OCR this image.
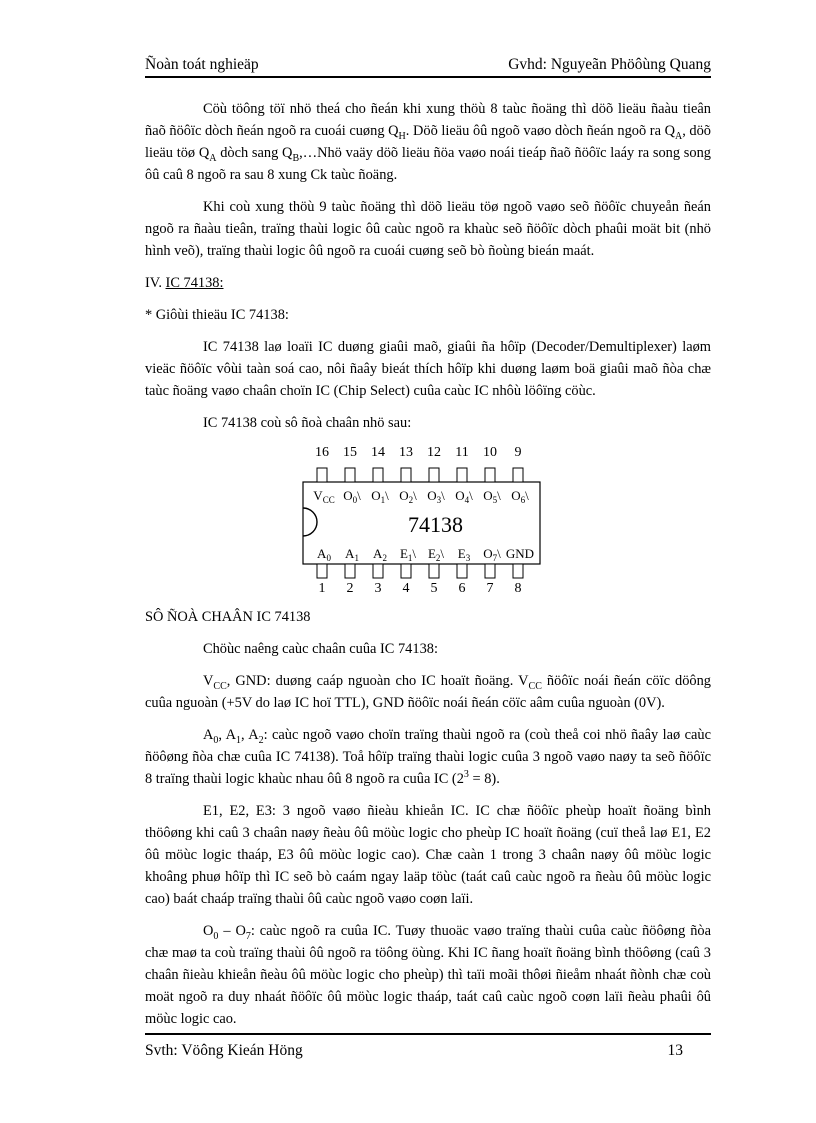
Ñoàn toát nghieäp	Gvhd: Nguyeãn Phöôùng Quang

Cöù töông töï nhö theá cho ñeán khi xung thöù 8 taùc ñoäng thì döõ lieäu ñaàu tieân ñaõ ñöôïc dòch ñeán ngoõ ra cuoái cuøng $Q_H$. Döõ lieäu ôû ngoõ vaøo dòch ñeán ngoõ ra $Q_A$, döõ lieäu töø $Q_A$ dòch sang $Q_B,\dots Nhö$ vaäy döõ lieäu ñöa vaøo noái tieáp ñaõ ñöôïc laáy ra song song ôû caû 8 ngoõ ra sau 8 xung Ck taùc ñoäng.

Khi coù xung thöù 9 taùc ñoäng thì döõ lieäu töø ngoõ vaøo seõ ñöôïc chuyeån ñeán ngoõ ra ñaàu tieân, traïng thaùi logic ôû caùc ngoõ ra khaùc seõ ñöôïc dòch phaûi moät bit (nhö hình veõ), traïng thaùi logic ôû ngoõ ra cuoái cuøng seõ bò ñoùng bieán maát.

IV. IC 74138:

* Giôùi thieäu IC 74138:

IC 74138 laø loaïi IC duøng giaûi maõ, giaûi ña hôïp (Decoder/Demultiplexer) laøm vieäc ñöôïc vôùi taàn soá cao, nôi ñaây bieát thích hôïp khi duøng laøm boä giaûi maõ ñòa chæ taùc ñoäng vaøo chaân choïn IC (Chip Select) cuûa caùc IC nhôù löôïng cöùc.

IC 74138 coù sô ñoà chaân nhö sau:

74138
16
$V_{CC}$
15
$O_0\backslash$
14
$O_1\backslash$
13
$O_2\backslash$
12
$O_3\backslash$
11
$O_4\backslash$
10
$O_5\backslash$
9
$O_6\backslash$
$A_0$
1
$A_1$
2
$A_2$
3
$E_1\backslash$
4
$E_2\backslash$
5
$E_3$
6
$O_7\backslash$
7
GND
8

SÔ ÑOÀ CHAÂN IC 74138

Chöùc naêng caùc chaân cuûa IC 74138:

$V_{CC}$, GND: duøng caáp nguoàn cho IC hoaït ñoäng. $V_{CC}$ ñöôïc noái ñeán cöïc döông cuûa nguoàn (+5V do laø IC hoï TTL), GND ñöôïc noái ñeán cöïc aâm cuûa nguoàn (0V).

$A_0$, $A_1$, $A_2$: caùc ngoõ vaøo choïn traïng thaùi ngoõ ra (coù theå coi nhö ñaây laø caùc ñöôøng ñòa chæ cuûa IC 74138). Toå hôïp traïng thaùi logic cuûa 3 ngoõ vaøo naøy ta seõ ñöôïc 8 traïng thaùi logic khaùc nhau ôû 8 ngoõ ra cuûa IC $(2^3 = 8)$.

E1, E2, E3: 3 ngoõ vaøo ñieàu khieån IC. IC chæ ñöôïc pheùp hoaït ñoäng bình thöôøng khi caû 3 chaân naøy ñeàu ôû möùc logic cho pheùp IC hoaït ñoäng (cuï theå laø E1, E2 ôû möùc logic thaáp, E3 ôû möùc logic cao). Chæ caàn 1 trong 3 chaân naøy ôû möùc logic khoâng phuø hôïp thì IC seõ bò caám ngay laäp töùc (taát caû caùc ngoõ ra ñeàu ôû möùc logic cao) baát chaáp traïng thaùi ôû caùc ngoõ vaøo coøn laïi.

$O_0 - O_7$: caùc ngoõ ra cuûa IC. Tuøy thuoäc vaøo traïng thaùi cuûa caùc ñöôøng ñòa chæ maø ta coù traïng thaùi ôû ngoõ ra töông öùng. Khi IC ñang hoaït ñoäng bình thöôøng (caû 3 chaân ñieàu khieån ñeàu ôû möùc logic cho pheùp) thì taïi moãi thôøi ñieåm nhaát ñònh chæ coù moät ngoõ ra duy nhaát ñöôïc ôû möùc logic thaáp, taát caû caùc ngoõ coøn laïi ñeàu phaûi ôû möùc logic cao.

Svth: Vöông Kieán Höng	13
